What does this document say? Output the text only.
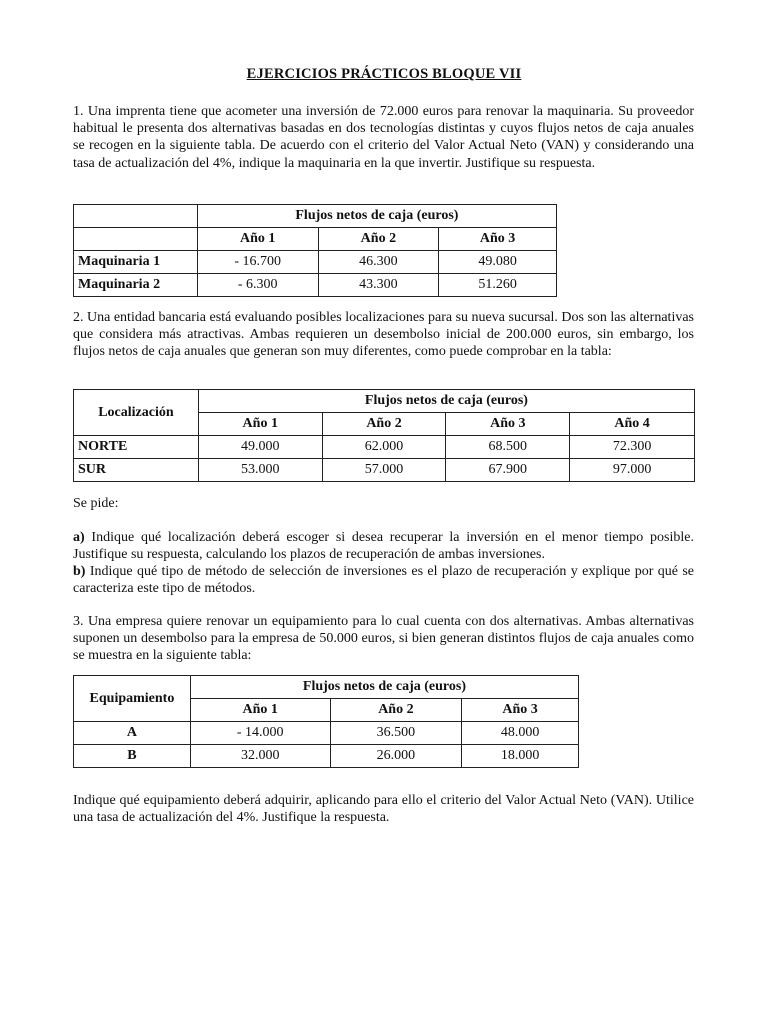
EJERCICIOS PRÁCTICOS BLOQUE VII
1. Una imprenta tiene que acometer una inversión de 72.000 euros para renovar la maquinaria. Su proveedor habitual le presenta dos alternativas basadas en dos tecnologías distintas y cuyos flujos netos de caja anuales se recogen en la siguiente tabla. De acuerdo con el criterio del Valor Actual Neto (VAN) y considerando una tasa de actualización del 4%, indique la maquinaria en la que invertir. Justifique su respuesta.
	Flujos netos de caja (euros)		
	Año 1	Año 2	Año 3
Maquinaria 1	- 16.700	46.300	49.080
Maquinaria 2	- 6.300	43.300	51.260
2. Una entidad bancaria está evaluando posibles localizaciones para su nueva sucursal. Dos son las alternativas que considera más atractivas. Ambas requieren un desembolso inicial de 200.000 euros, sin embargo, los flujos netos de caja anuales que generan son muy diferentes, como puede comprobar en la tabla:
Localización	Flujos netos de caja (euros)			
	Año 1	Año 2	Año 3	Año 4
NORTE	49.000	62.000	68.500	72.300
SUR	53.000	57.000	67.900	97.000
Se pide:
a) Indique qué localización deberá escoger si desea recuperar la inversión en el menor tiempo posible. Justifique su respuesta, calculando los plazos de recuperación de ambas inversiones.
b) Indique qué tipo de método de selección de inversiones es el plazo de recuperación y explique por qué se caracteriza este tipo de métodos.
3. Una empresa quiere renovar un equipamiento para lo cual cuenta con dos alternativas. Ambas alternativas suponen un desembolso para la empresa de 50.000 euros, si bien generan distintos flujos de caja anuales como se muestra en la siguiente tabla:
Equipamiento	Flujos netos de caja (euros)		
	Año 1	Año 2	Año 3
A	- 14.000	36.500	48.000
B	32.000	26.000	18.000
Indique qué equipamiento deberá adquirir, aplicando para ello el criterio del Valor Actual Neto (VAN). Utilice una tasa de actualización del 4%. Justifique la respuesta.
